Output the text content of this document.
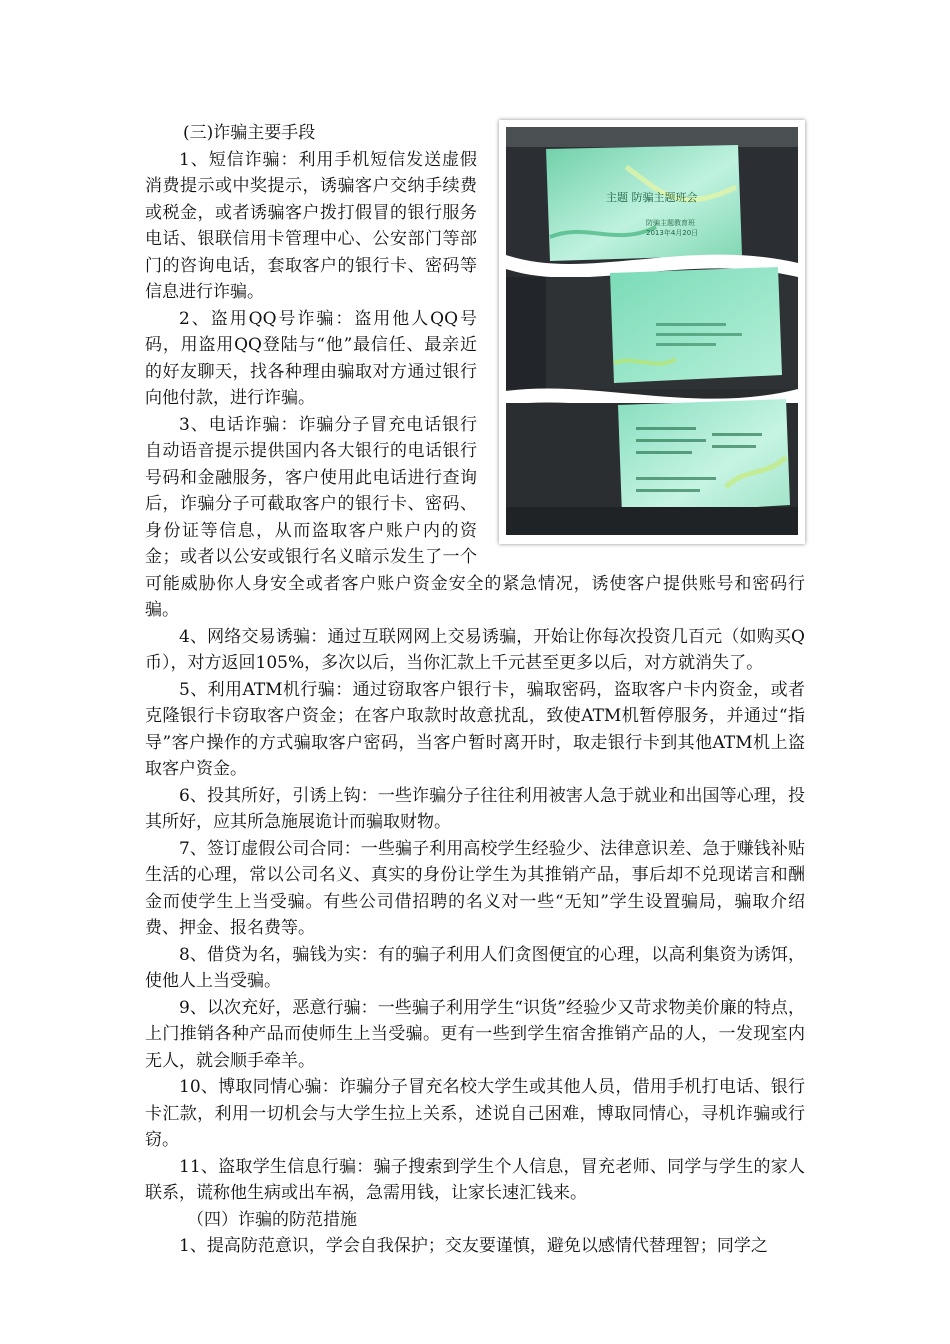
主题 防骗主题班会
防骗主题教育班
2013年4月20日

(三)诈骗主要手段

1、短信诈骗：利用手机短信发送虚假消费提示或中奖提示，诱骗客户交纳手续费或税金，或者诱骗客户拨打假冒的银行服务电话、银联信用卡管理中心、公安部门等部门的咨询电话，套取客户的银行卡、密码等信息进行诈骗。

2、盗用QQ号诈骗：盗用他人QQ号码，用盗用QQ登陆与“他”最信任、最亲近的好友聊天，找各种理由骗取对方通过银行向他付款，进行诈骗。

3、电话诈骗：诈骗分子冒充电话银行自动语音提示提供国内各大银行的电话银行号码和金融服务，客户使用此电话进行查询后，诈骗分子可截取客户的银行卡、密码、身份证等信息，从而盗取客户账户内的资金；或者以公安或银行名义暗示发生了一个可能威胁你人身安全或者客户账户资金安全的紧急情况，诱使客户提供账号和密码行骗。

4、网络交易诱骗：通过互联网网上交易诱骗，开始让你每次投资几百元（如购买Q币），对方返回105%，多次以后，当你汇款上千元甚至更多以后，对方就消失了。

5、利用ATM机行骗：通过窃取客户银行卡，骗取密码，盗取客户卡内资金，或者克隆银行卡窃取客户资金；在客户取款时故意扰乱，致使ATM机暂停服务，并通过“指导”客户操作的方式骗取客户密码，当客户暂时离开时，取走银行卡到其他ATM机上盗取客户资金。

6、投其所好，引诱上钩：一些诈骗分子往往利用被害人急于就业和出国等心理，投其所好，应其所急施展诡计而骗取财物。

7、签订虚假公司合同：一些骗子利用高校学生经验少、法律意识差、急于赚钱补贴生活的心理，常以公司名义、真实的身份让学生为其推销产品，事后却不兑现诺言和酬金而使学生上当受骗。有些公司借招聘的名义对一些“无知”学生设置骗局，骗取介绍费、押金、报名费等。

8、借贷为名，骗钱为实：有的骗子利用人们贪图便宜的心理，以高利集资为诱饵，使他人上当受骗。

9、以次充好，恶意行骗：一些骗子利用学生“识货”经验少又苛求物美价廉的特点，上门推销各种产品而使师生上当受骗。更有一些到学生宿舍推销产品的人，一发现室内无人，就会顺手牵羊。

10、博取同情心骗：诈骗分子冒充名校大学生或其他人员，借用手机打电话、银行卡汇款，利用一切机会与大学生拉上关系，述说自己困难，博取同情心，寻机诈骗或行窃。

11、盗取学生信息行骗：骗子搜索到学生个人信息，冒充老师、同学与学生的家人联系，谎称他生病或出车祸，急需用钱，让家长速汇钱来。

（四）诈骗的防范措施

1、提高防范意识，学会自我保护；交友要谨慎，避免以感情代替理智；同学之
